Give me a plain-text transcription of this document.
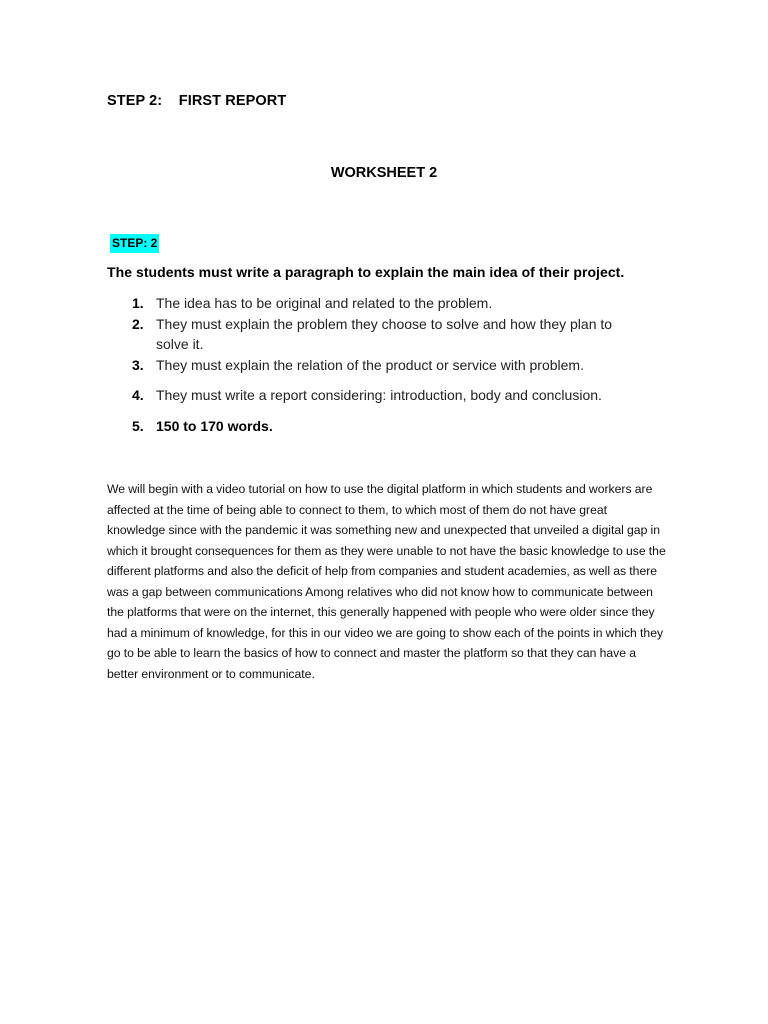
STEP 2:    FIRST REPORT
WORKSHEET 2
STEP: 2
The students must write a paragraph to explain the main idea of their project.
1. The idea has to be original and related to the problem.
2. They must explain the problem they choose to solve and how they plan to solve it.
3. They must explain the relation of the product or service with problem.
4. They must write a report considering: introduction, body and conclusion.
5. 150 to 170 words.
We will begin with a video tutorial on how to use the digital platform in which students and workers are affected at the time of being able to connect to them, to which most of them do not have great knowledge since with the pandemic it was something new and unexpected that unveiled a digital gap in which it brought consequences for them as they were unable to not have the basic knowledge to use the different platforms and also the deficit of help from companies and student academies, as well as there was a gap between communications Among relatives who did not know how to communicate between the platforms that were on the internet, this generally happened with people who were older since they had a minimum of knowledge, for this in our video we are going to show each of the points in which they go to be able to learn the basics of how to connect and master the platform so that they can have a better environment or to communicate.
